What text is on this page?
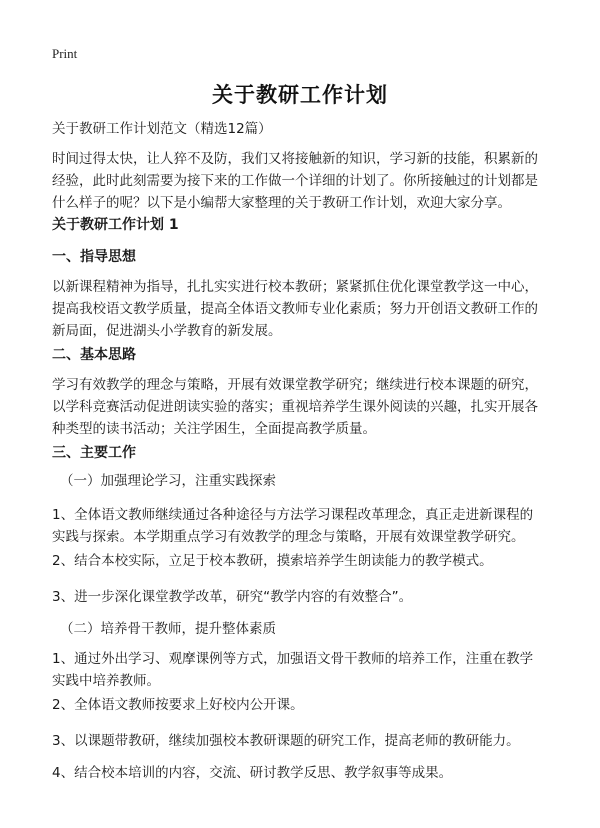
Print
关于教研工作计划
关于教研工作计划范文（精选12篇）
时间过得太快，让人猝不及防，我们又将接触新的知识，学习新的技能，积累新的经验，此时此刻需要为接下来的工作做一个详细的计划了。你所接触过的计划都是什么样子的呢？以下是小编帮大家整理的关于教研工作计划，欢迎大家分享。
关于教研工作计划 1
一、指导思想
以新课程精神为指导，扎扎实实进行校本教研；紧紧抓住优化课堂教学这一中心，提高我校语文教学质量，提高全体语文教师专业化素质；努力开创语文教研工作的新局面，促进湖头小学教育的新发展。
二、基本思路
学习有效教学的理念与策略，开展有效课堂教学研究；继续进行校本课题的研究，以学科竞赛活动促进朗读实验的落实；重视培养学生课外阅读的兴趣，扎实开展各种类型的读书活动；关注学困生，全面提高教学质量。
三、主要工作
（一）加强理论学习，注重实践探索
1、全体语文教师继续通过各种途径与方法学习课程改革理念，真正走进新课程的实践与探索。本学期重点学习有效教学的理念与策略，开展有效课堂教学研究。
2、结合本校实际，立足于校本教研，摸索培养学生朗读能力的教学模式。
3、进一步深化课堂教学改革，研究“教学内容的有效整合”。
（二）培养骨干教师，提升整体素质
1、通过外出学习、观摩课例等方式，加强语文骨干教师的培养工作，注重在教学实践中培养教师。
2、全体语文教师按要求上好校内公开课。
3、以课题带教研，继续加强校本教研课题的研究工作，提高老师的教研能力。
4、结合校本培训的内容，交流、研讨教学反思、教学叙事等成果。
